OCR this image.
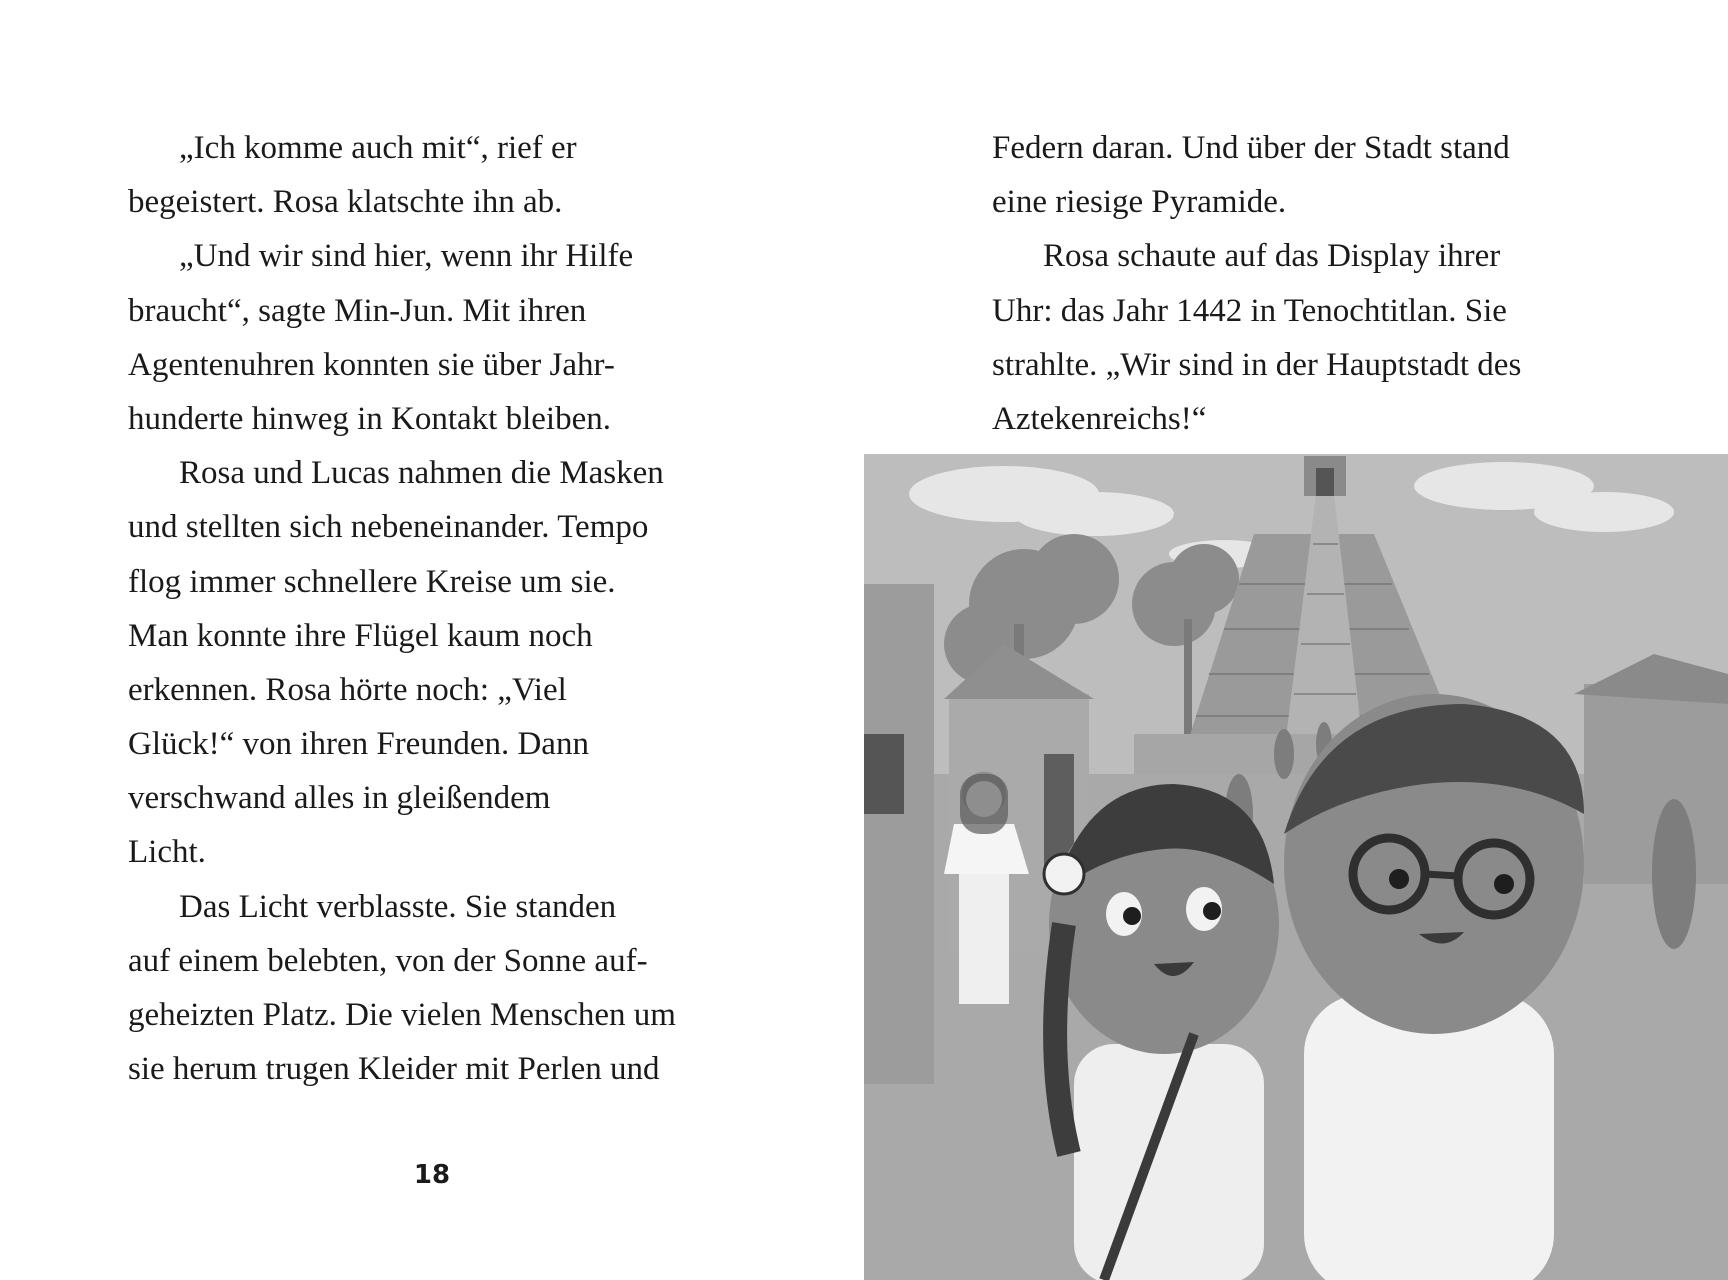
„Ich komme auch mit“, rief er
begeistert. Rosa klatschte ihn ab.
„Und wir sind hier, wenn ihr Hilfe
braucht“, sagte Min-Jun. Mit ihren
Agentenuhren konnten sie über Jahr-
hunderte hinweg in Kontakt bleiben.
Rosa und Lucas nahmen die Masken
und stellten sich nebeneinander. Tempo
flog immer schnellere Kreise um sie.
Man konnte ihre Flügel kaum noch
erkennen. Rosa hörte noch: „Viel
Glück!“ von ihren Freunden. Dann
verschwand alles in gleißendem
Licht.
Das Licht verblasste. Sie standen
auf einem belebten, von der Sonne auf-
geheizten Platz. Die vielen Menschen um
sie herum trugen Kleider mit Perlen und
18
Federn daran. Und über der Stadt stand
eine riesige Pyramide.
Rosa schaute auf das Display ihrer
Uhr: das Jahr 1442 in Tenochtitlan. Sie
strahlte. „Wir sind in der Hauptstadt des
Aztekenreichs!“
